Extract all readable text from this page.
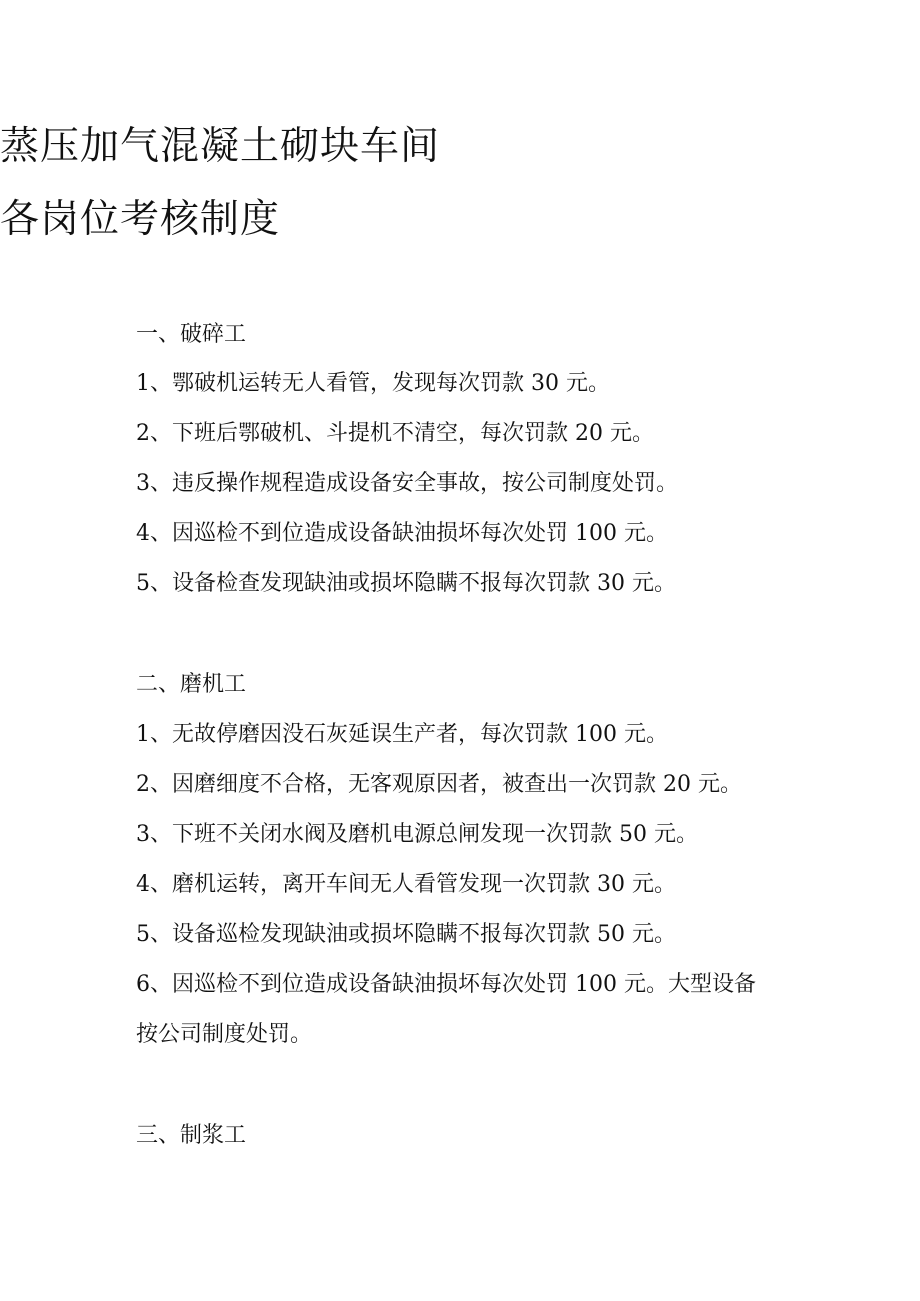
蒸压加气混凝土砌块车间
各岗位考核制度
一、破碎工
1、鄂破机运转无人看管，发现每次罚款 30 元。
2、下班后鄂破机、斗提机不清空，每次罚款 20 元。
3、违反操作规程造成设备安全事故，按公司制度处罚。
4、因巡检不到位造成设备缺油损坏每次处罚 100 元。
5、设备检查发现缺油或损坏隐瞒不报每次罚款 30 元。
二、磨机工
1、无故停磨因没石灰延误生产者，每次罚款 100 元。
2、因磨细度不合格，无客观原因者，被查出一次罚款 20 元。
3、下班不关闭水阀及磨机电源总闸发现一次罚款 50 元。
4、磨机运转，离开车间无人看管发现一次罚款 30 元。
5、设备巡检发现缺油或损坏隐瞒不报每次罚款 50 元。
6、因巡检不到位造成设备缺油损坏每次处罚 100 元。大型设备
按公司制度处罚。
三、制浆工
